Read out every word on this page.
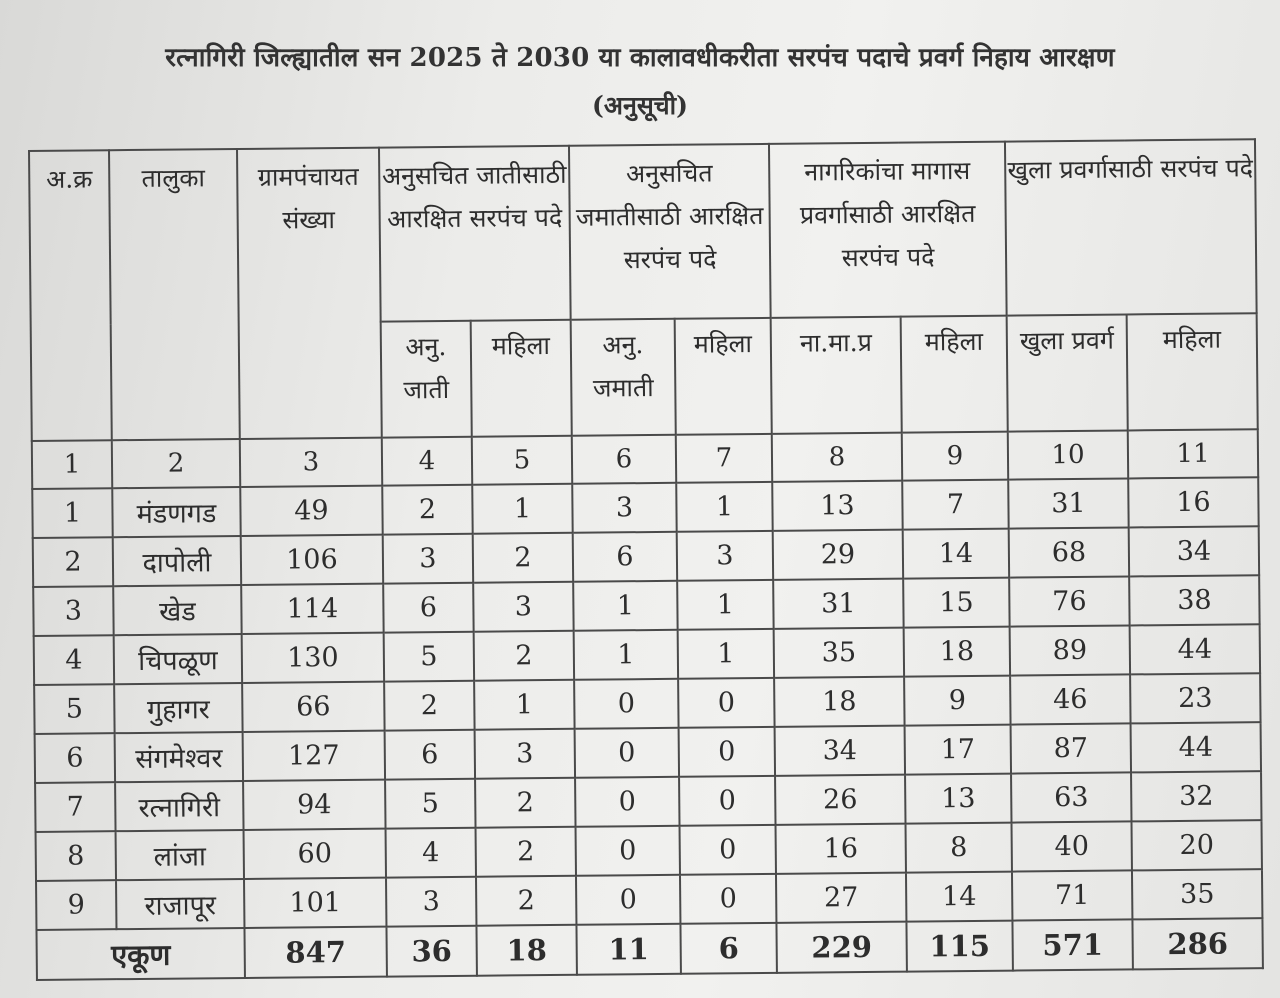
रत्नागिरी जिल्ह्यातील सन 2025 ते 2030 या कालावधीकरीता सरपंच पदाचे प्रवर्ग निहाय आरक्षण
(अनुसूची)
अ.क्र	तालुका	ग्रामपंचायत संख्या	अनुसचित जातीसाठी आरक्षित सरपंच पदे		अनुसचित जमातीसाठी आरक्षित सरपंच पदे		नागरिकांचा मागास प्रवर्गासाठी आरक्षित सरपंच पदे		खुला प्रवर्गासाठी सरपंच पदे	
			अनु. जाती	महिला	अनु. जमाती	महिला	ना.मा.प्र	महिला	खुला प्रवर्ग	महिला
1	2	3	4	5	6	7	8	9	10	11
1	मंडणगड	49	2	1	3	1	13	7	31	16
2	दापोली	106	3	2	6	3	29	14	68	34
3	खेड	114	6	3	1	1	31	15	76	38
4	चिपळूण	130	5	2	1	1	35	18	89	44
5	गुहागर	66	2	1	0	0	18	9	46	23
6	संगमेश्वर	127	6	3	0	0	34	17	87	44
7	रत्नागिरी	94	5	2	0	0	26	13	63	32
8	लांजा	60	4	2	0	0	16	8	40	20
9	राजापूर	101	3	2	0	0	27	14	71	35
एकूण		847	36	18	11	6	229	115	571	286
